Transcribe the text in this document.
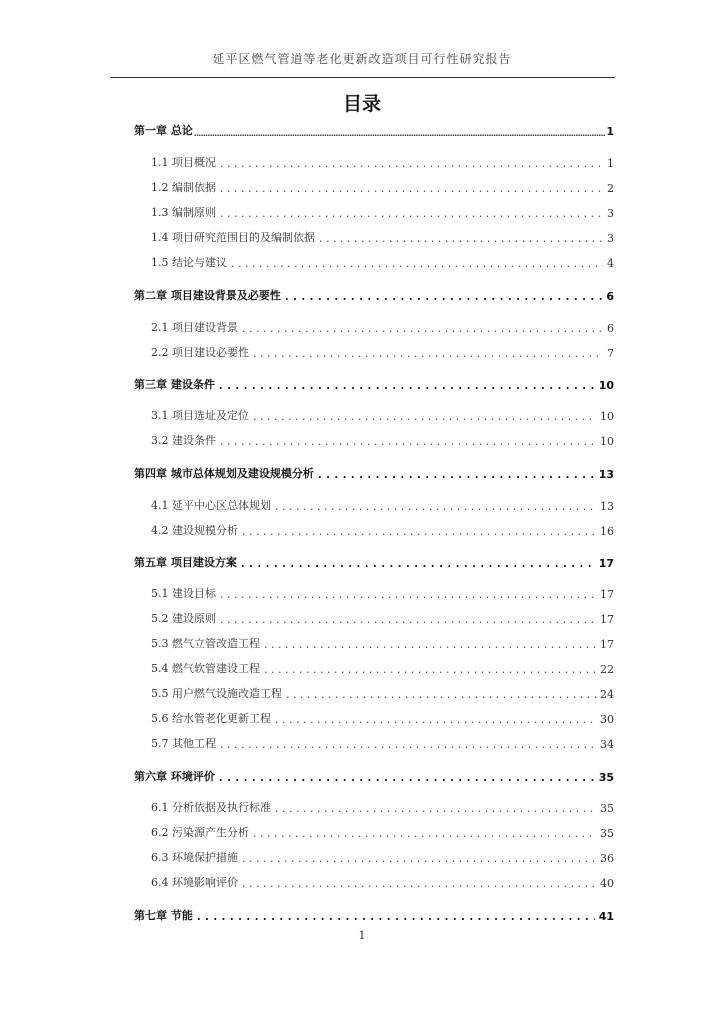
延平区燃气管道等老化更新改造项目可行性研究报告
目录
第一章 总论 .....	1
1.1 项目概况 . . .	1
1.2 编制依据 . . .	2
1.3 编制原则 . . .	3
1.4 项目研究范围目的及编制依据 . . .	3
1.5 结论与建议 . . .	4
第二章 项目建设背景及必要性 . . .	6
2.1 项目建设背景 . . .	6
2.2 项目建设必要性 . . .	7
第三章 建设条件 . . .	10
3.1 项目选址及定位 . . .	10
3.2 建设条件 . . .	10
第四章 城市总体规划及建设规模分析 . . .	13
4.1 延平中心区总体规划 . . .	13
4.2 建设规模分析 . . .	16
第五章 项目建设方案 . . .	17
5.1 建设目标 . . .	17
5.2 建设原则 . . .	17
5.3 燃气立管改造工程 . . .	17
5.4 燃气软管建设工程 . . .	22
5.5 用户燃气设施改造工程 . . .	24
5.6 给水管老化更新工程 . . .	30
5.7 其他工程 . . .	34
第六章 环境评价 . . .	35
6.1 分析依据及执行标准 . . .	35
6.2 污染源产生分析 . . .	35
6.3 环境保护措施 . . .	36
6.4 环境影响评价 . . .	40
第七章 节能 . . .	41
1
